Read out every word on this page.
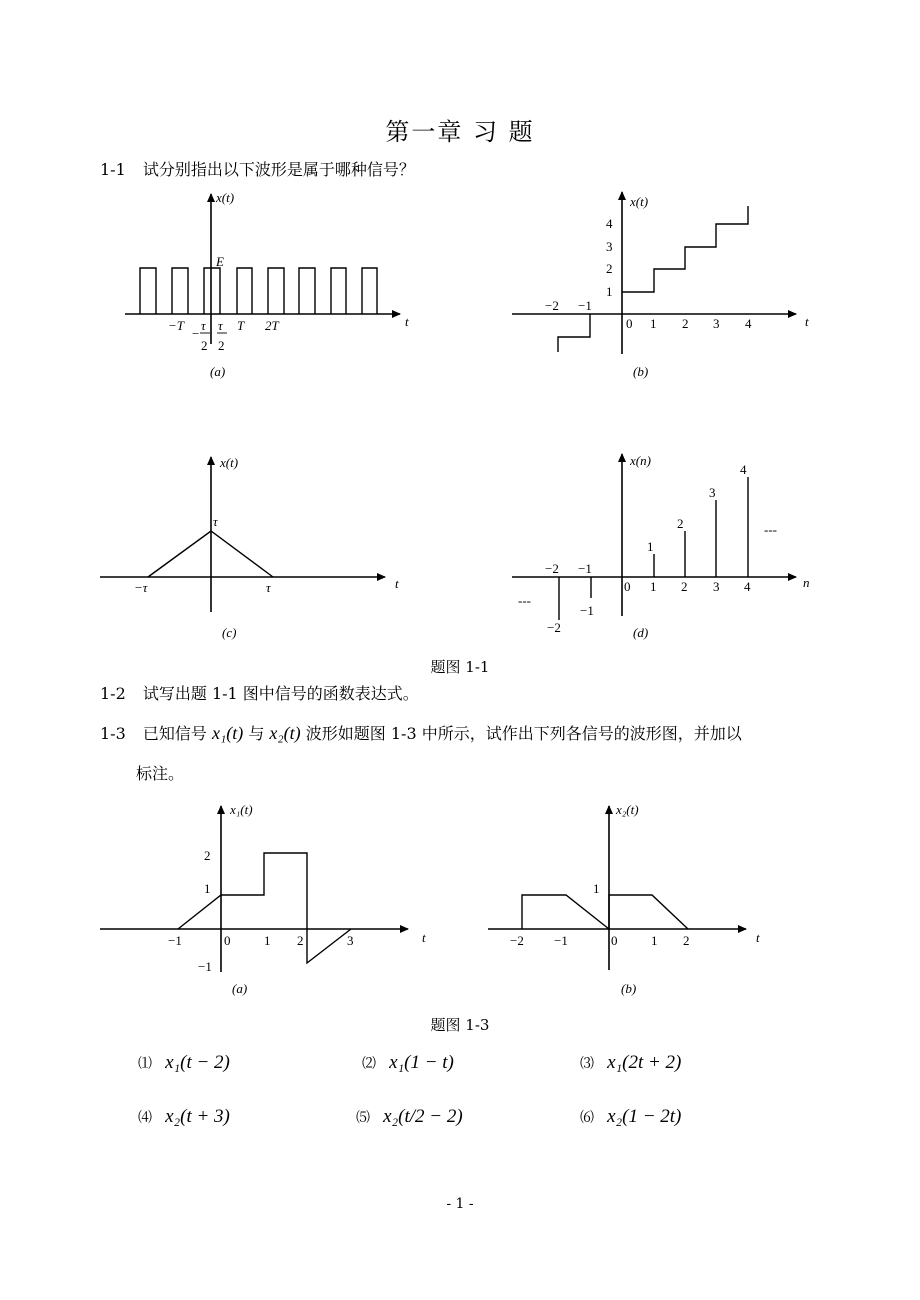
第一章 习 题
1-1 试分别指出以下波形是属于哪种信号？
x(t)
E
t
−T
−
τ
2
τ
2
T 2T
(a)
x(t)
4
3
2
1
−2 −1
0 1 2 3 4	t
(b)
x(t)
τ
−τ	τ	t
(c)
x(n)
1
2
3
4
−1
−2
−2 −1
0 1 2 3 4	n
---
---
(d)
题图 1-1
1-2 试写出题 1-1 图中信号的函数表达式。
1-3 已知信号 x₁(t) 与 x₂(t) 波形如题图 1-3 中所示，试作出下列各信号的波形图，并加以
标注。
x₁(t)
2
1
−1
−1	0	1 2	3	t
(a)
x₂(t)
1
−2 −1	0	1 2	t
(b)
题图 1-3
⑴ x₁(t − 2)	⑵ x₁(1 − t)	⑶ x₁(2t + 2)
⑷ x₂(t + 3)	⑸ x₂(t/2 − 2)	⑹ x₂(1 − 2t)
- 1 -
